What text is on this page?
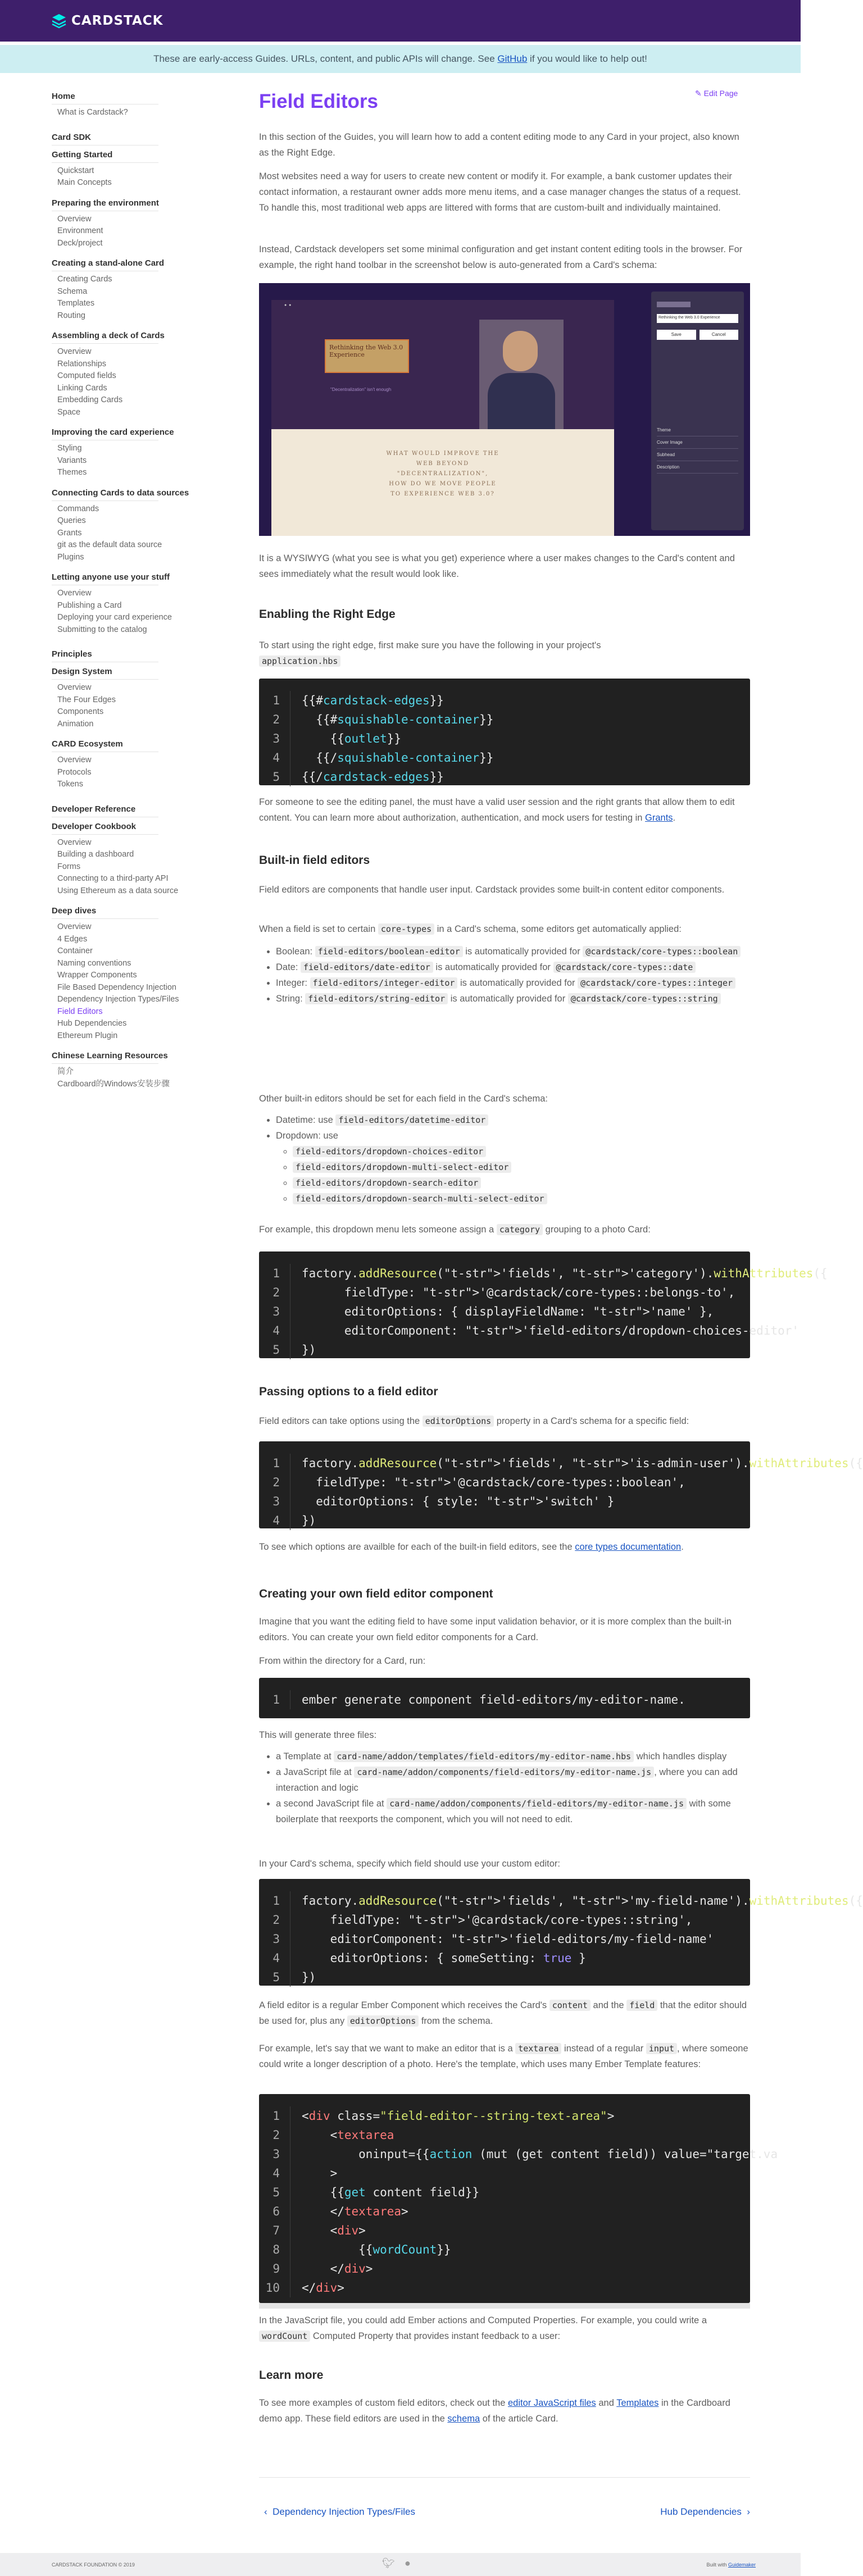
CARDSTACK
These are early-access Guides. URLs, content, and public APIs will change. See GitHub if you would like to help out!
Home
What is Cardstack?
Card SDK
Getting Started
Quickstart
Main Concepts
Preparing the environment
Overview
Environment
Deck/project
Creating a stand-alone Card
Creating Cards
Schema
Templates
Routing
Assembling a deck of Cards
Overview
Relationships
Computed fields
Linking Cards
Embedding Cards
Space
Improving the card experience
Styling
Variants
Themes
Connecting Cards to data sources
Commands
Queries
Grants
git as the default data source
Plugins
Letting anyone use your stuff
Overview
Publishing a Card
Deploying your card experience
Submitting to the catalog
Principles
Design System
Overview
The Four Edges
Components
Animation
CARD Ecosystem
Overview
Protocols
Tokens
Developer Reference
Developer Cookbook
Overview
Building a dashboard
Forms
Connecting to a third-party API
Using Ethereum as a data source
Deep dives
Overview
4 Edges
Container
Naming conventions
Wrapper Components
File Based Dependency Injection
Dependency Injection Types/Files
Field Editors
Hub Dependencies
Ethereum Plugin
Chinese Learning Resources
简介
Cardboard的Windows安装步骤
✎ Edit Page
Field Editors

In this section of the Guides, you will learn how to add a content editing mode to any Card in your project, also known as the Right Edge.

Most websites need a way for users to create new content or modify it. For example, a bank customer updates their contact information, a restaurant owner adds more menu items, and a case manager changes the status of a request. To handle this, most traditional web apps are littered with forms that are custom-built and individually maintained.

Instead, Cardstack developers set some minimal configuration and get instant content editing tools in the browser. For example, the right hand toolbar in the screenshot below is auto-generated from a Card's schema:

Rethinking the Web 3.0
Experience
"Decentralization" isn't enough
WHAT WOULD IMPROVE THE
WEB BEYOND
"DECENTRALIZATION",
HOW DO WE MOVE PEOPLE
TO EXPERIENCE WEB 3.0?
● ●
Rethinking the Web 3.0 Experience
Save	Cancel
Theme
Cover Image
Subhead
Description

It is a WYSIWYG (what you see is what you get) experience where a user makes changes to the Card's content and sees immediately what the result would look like.

Enabling the Right Edge

To start using the right edge, first make sure you have the following in your project's
application.hbs

1 {{#cardstack-edges}}
2  {{#squishable-container}}
3    {{outlet}}
4  {{/squishable-container}}
5 {{/cardstack-edges}}

For someone to see the editing panel, the must have a valid user session and the right grants that allow them to edit content. You can learn more about authorization, authentication, and mock users for testing in Grants.

Built-in field editors

Field editors are components that handle user input. Cardstack provides some built-in content editor components.

When a field is set to certain core-types in a Card's schema, some editors get automatically applied:

• Boolean: field-editors/boolean-editor is automatically provided for @cardstack/core-types::boolean
• Date: field-editors/date-editor is automatically provided for @cardstack/core-types::date
• Integer: field-editors/integer-editor is automatically provided for @cardstack/core-types::integer
• String: field-editors/string-editor is automatically provided for @cardstack/core-types::string

Other built-in editors should be set for each field in the Card's schema:

• Datetime: use field-editors/datetime-editor
• Dropdown: use
◦ field-editors/dropdown-choices-editor
◦ field-editors/dropdown-multi-select-editor
◦ field-editors/dropdown-search-editor
◦ field-editors/dropdown-search-multi-select-editor

For example, this dropdown menu lets someone assign a category grouping to a photo Card:

1 factory.addResource("t-str">'fields', "t-str">'category').withAttributes({
2      fieldType: "t-str">'@cardstack/core-types::belongs-to',
3      editorOptions: { displayFieldName: "t-str">'name' },
4      editorComponent: "t-str">'field-editors/dropdown-choices-editor'
5 })
Passing options to a field editor

Field editors can take options using the editorOptions property in a Card's schema for a specific field:

1 factory.addResource("t-str">'fields', "t-str">'is-admin-user').withAttributes({
2  fieldType: "t-str">'@cardstack/core-types::boolean',
3  editorOptions: { style: "t-str">'switch' }
4 })

To see which options are availble for each of the built-in field editors, see the core types documentation.

Creating your own field editor component

Imagine that you want the editing field to have some input validation behavior, or it is more complex than the built-in editors. You can create your own field editor components for a Card.

From within the directory for a Card, run:

1 ember generate component field-editors/my-editor-name.

This will generate three files:

• a Template at card-name/addon/templates/field-editors/my-editor-name.hbs which handles display
• a JavaScript file at card-name/addon/components/field-editors/my-editor-name.js , where you can add interaction and logic
• a second JavaScript file at card-name/addon/components/field-editors/my-editor-name.js with some boilerplate that reexports the component, which you will not need to edit.

In your Card's schema, specify which field should use your custom editor:

1 factory.addResource("t-str">'fields', "t-str">'my-field-name').withAttributes({
2    fieldType: "t-str">'@cardstack/core-types::string',
3    editorComponent: "t-str">'field-editors/my-field-name'
4    editorOptions: { someSetting: true }
5 })

A field editor is a regular Ember Component which receives the Card's content and the field that the editor should be used for, plus any editorOptions from the schema.

For example, let's say that we want to make an editor that is a textarea instead of a regular input , where someone could write a longer description of a photo. Here's the template, which uses many Ember Template features:

1 <div class="field-editor--string-text-area">
2    <textarea
3        oninput={{action (mut (get content field)) value="target.va
4    >
5    {{get content field}}
6    </textarea>
7    <div>
8        {{wordCount}}
9    </div>
10 </div>

In the JavaScript file, you could add Ember actions and Computed Properties. For example, you could write a wordCount Computed Property that provides instant feedback to a user:

Learn more

To see more examples of custom field editors, check out the editor JavaScript files and Templates in the Cardboard demo app. These field editors are used in the schema of the article Card.

‹ Dependency Injection Types/Files	Hub Dependencies ›
CARDSTACK FOUNDATION © 2019	🐦︎ ●	Built with Guidemaker
